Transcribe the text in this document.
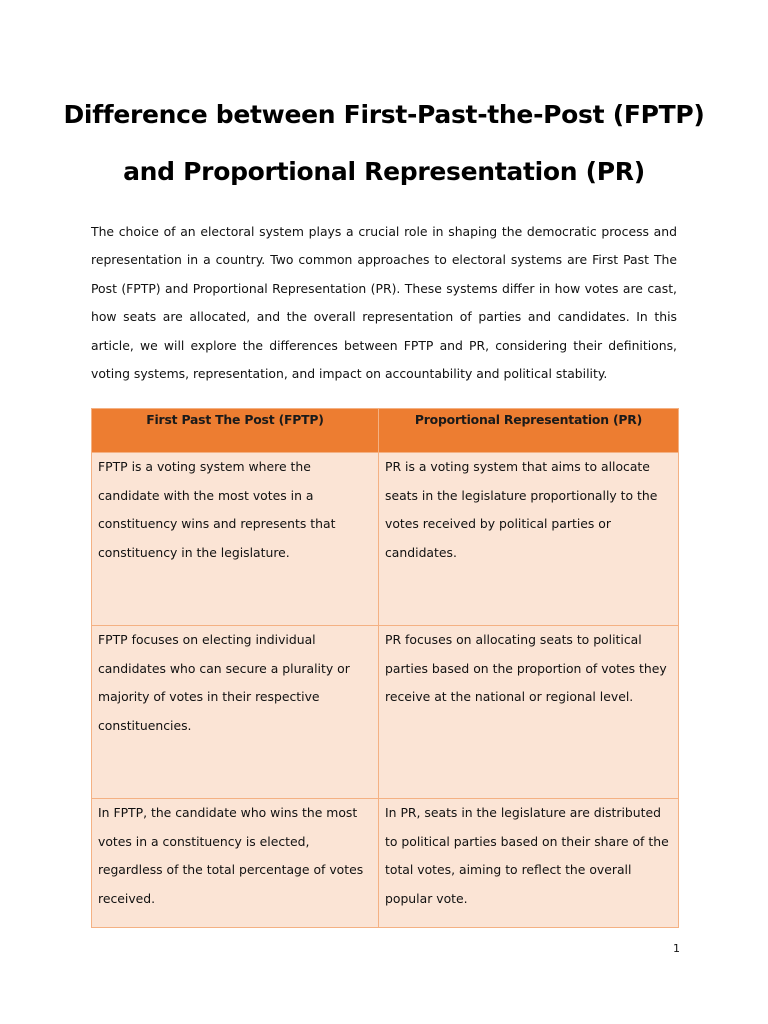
Difference between First-Past-the-Post (FPTP)
and Proportional Representation (PR)

The choice of an electoral system plays a crucial role in shaping the democratic process and representation in a country. Two common approaches to electoral systems are First Past The Post (FPTP) and Proportional Representation (PR). These systems differ in how votes are cast, how seats are allocated, and the overall representation of parties and candidates. In this article, we will explore the differences between FPTP and PR, considering their definitions, voting systems, representation, and impact on accountability and political stability.

First Past The Post (FPTP)	Proportional Representation (PR)
FPTP is a voting system where the candidate with the most votes in a constituency wins and represents that constituency in the legislature.	PR is a voting system that aims to allocate seats in the legislature proportionally to the votes received by political parties or candidates.
FPTP focuses on electing individual candidates who can secure a plurality or majority of votes in their respective constituencies.	PR focuses on allocating seats to political parties based on the proportion of votes they receive at the national or regional level.
In FPTP, the candidate who wins the most votes in a constituency is elected, regardless of the total percentage of votes received.	In PR, seats in the legislature are distributed to political parties based on their share of the total votes, aiming to reflect the overall popular vote.
1
